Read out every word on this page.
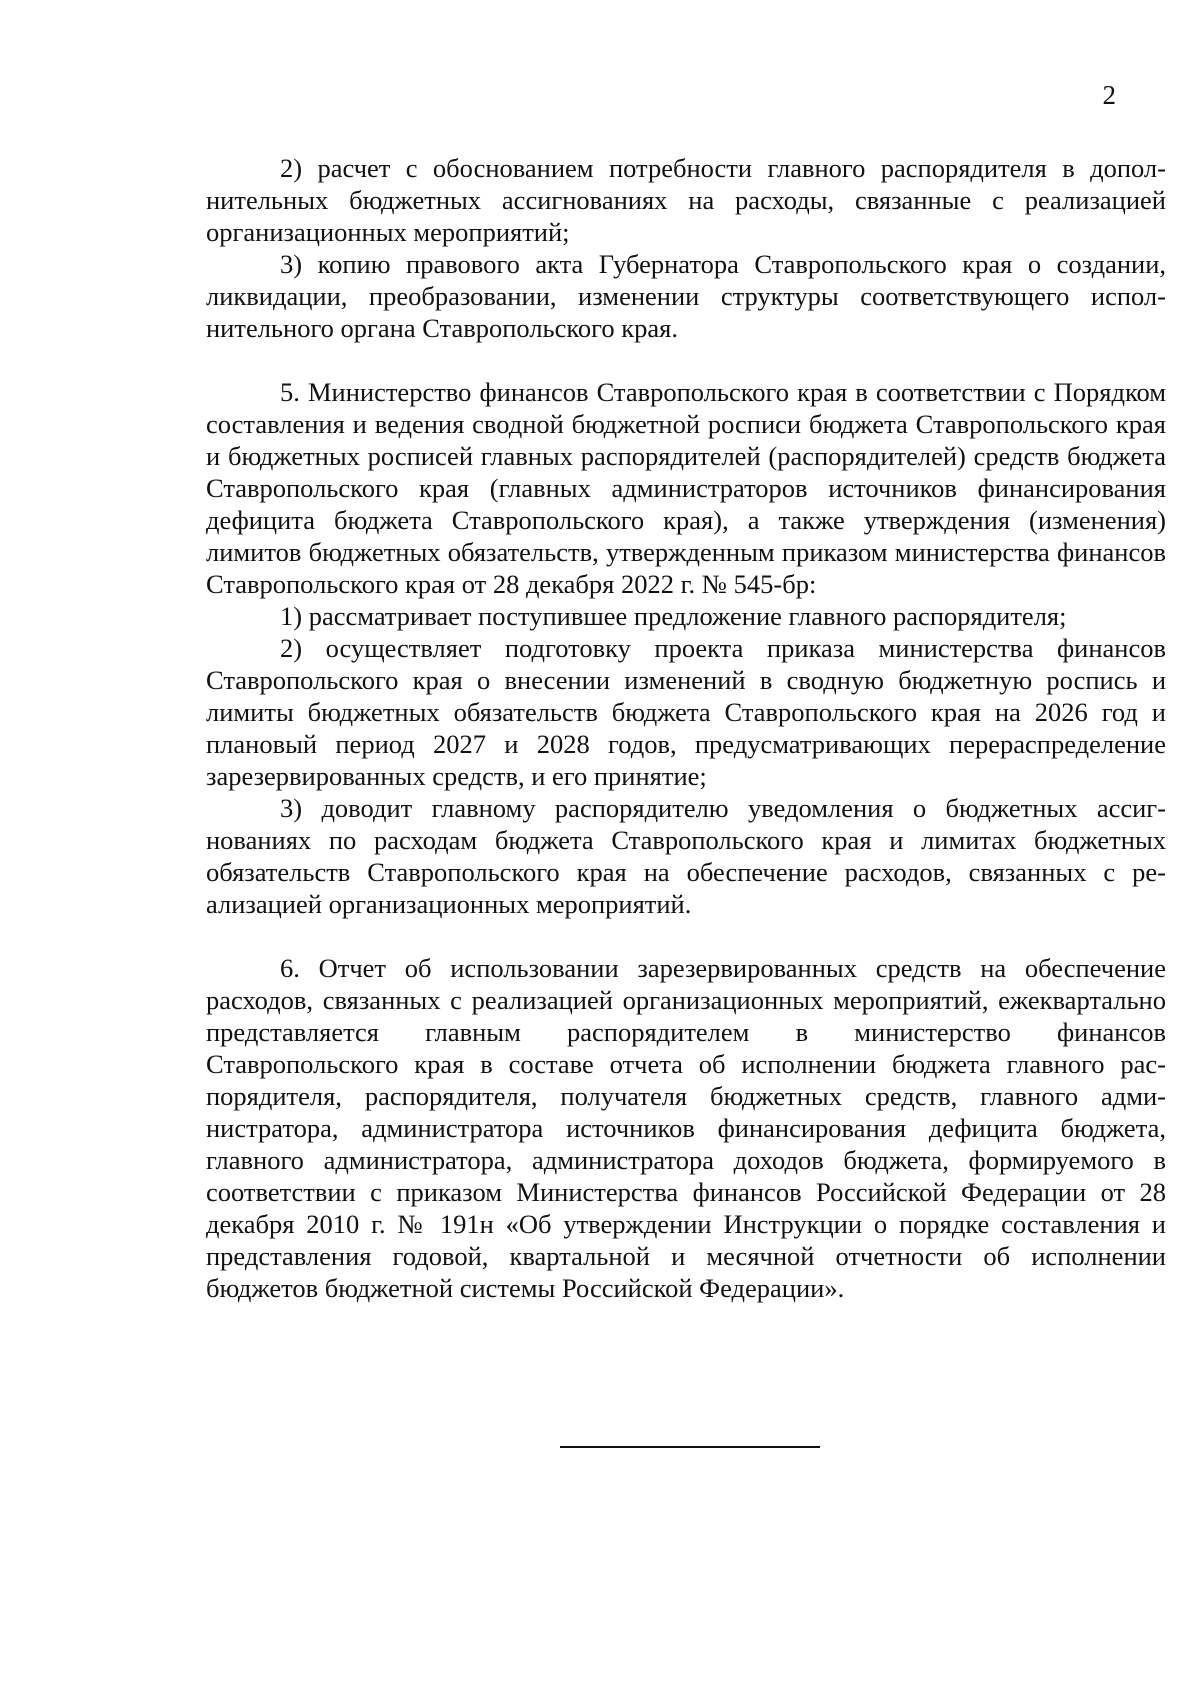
2

2) расчет с обоснованием потребности главного распорядителя в дополнительных бюджетных ассигнованиях на расходы, связанные с реализацией организационных мероприятий;

3) копию правового акта Губернатора Ставропольского края о создании, ликвидации, преобразовании, изменении структуры соответствующего исполнительного органа Ставропольского края.

5. Министерство финансов Ставропольского края в соответствии с Порядком составления и ведения сводной бюджетной росписи бюджета Ставропольского края и бюджетных росписей главных распорядителей (распорядителей) средств бюджета Ставропольского края (главных администраторов источников финансирования дефицита бюджета Ставропольского края), а также утверждения (изменения) лимитов бюджетных обязательств, утвержденным приказом министерства финансов Ставропольского края от 28 декабря 2022 г. № 545-бр:

1) рассматривает поступившее предложение главного распорядителя;

2) осуществляет подготовку проекта приказа министерства финансов Ставропольского края о внесении изменений в сводную бюджетную роспись и лимиты бюджетных обязательств бюджета Ставропольского края на 2026 год и плановый период 2027 и 2028 годов, предусматривающих перераспределение зарезервированных средств, и его принятие;

3) доводит главному распорядителю уведомления о бюджетных ассигнованиях по расходам бюджета Ставропольского края и лимитах бюджетных обязательств Ставропольского края на обеспечение расходов, связанных с реализацией организационных мероприятий.

6. Отчет об использовании зарезервированных средств на обеспечение расходов, связанных с реализацией организационных мероприятий, ежеквартально представляется главным распорядителем в министерство финансов Ставропольского края в составе отчета об исполнении бюджета главного распорядителя, распорядителя, получателя бюджетных средств, главного администратора, администратора источников финансирования дефицита бюджета, главного администратора, администратора доходов бюджета, формируемого в соответствии с приказом Министерства финансов Российской Федерации от 28 декабря 2010 г. № 191н «Об утверждении Инструкции о порядке составления и представления годовой, квартальной и месячной отчетности об исполнении бюджетов бюджетной системы Российской Федерации».
